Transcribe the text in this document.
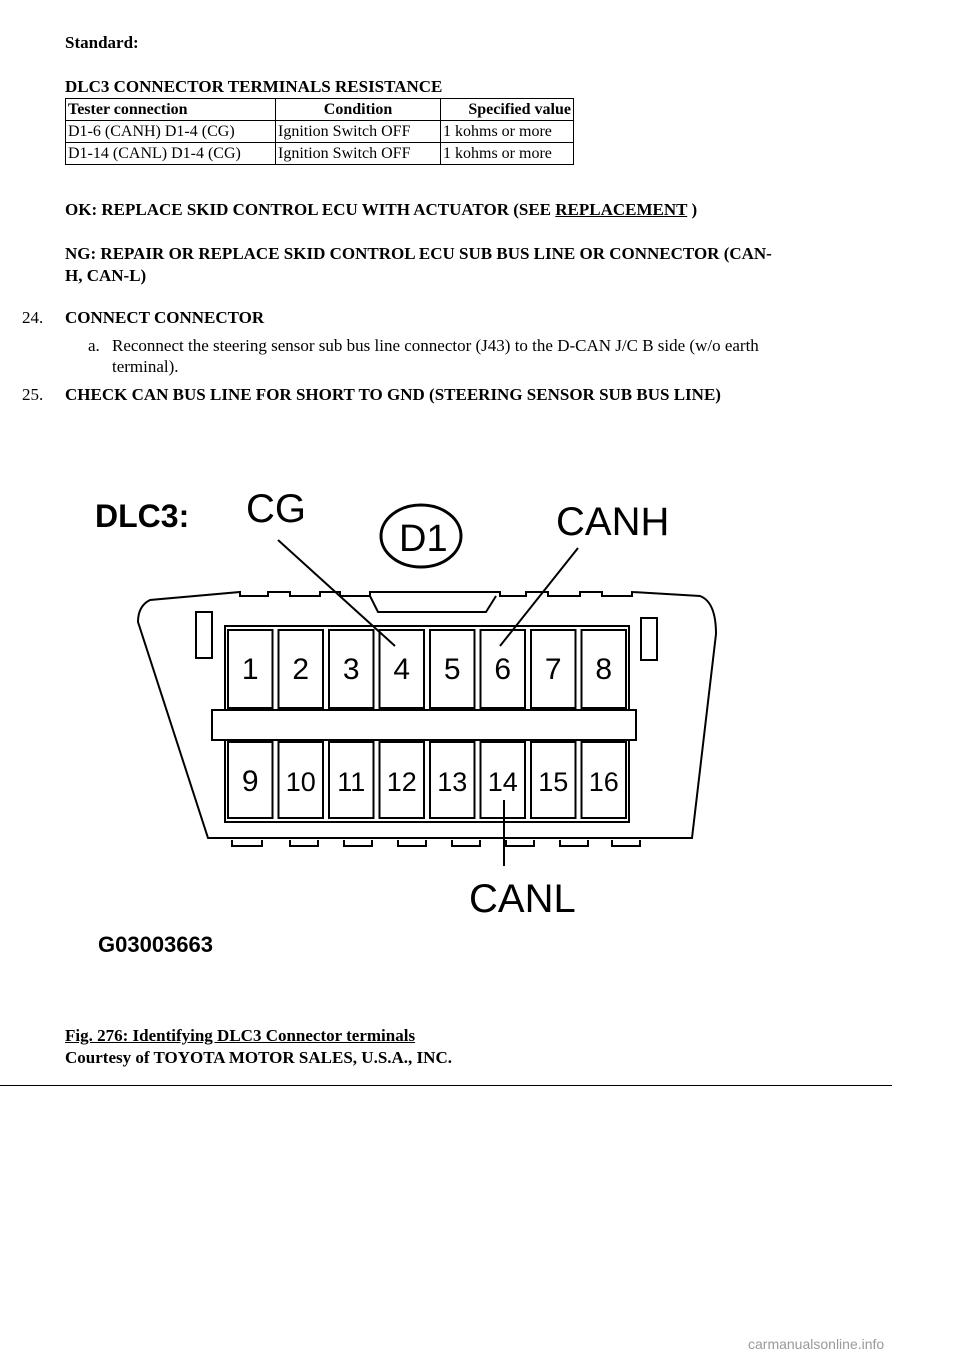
Standard:
DLC3 CONNECTOR TERMINALS RESISTANCE
Tester connection	Condition	Specified value
D1-6 (CANH) D1-4 (CG)	Ignition Switch OFF	1 kohms or more
D1-14 (CANL) D1-4 (CG)	Ignition Switch OFF	1 kohms or more
OK: REPLACE SKID CONTROL ECU WITH ACTUATOR (SEE REPLACEMENT )
NG: REPAIR OR REPLACE SKID CONTROL ECU SUB BUS LINE OR CONNECTOR (CAN-
H, CAN-L)
24. CONNECT CONNECTOR
a. Reconnect the steering sensor sub bus line connector (J43) to the D-CAN J/C B side (w/o earth
terminal).
25. CHECK CAN BUS LINE FOR SHORT TO GND (STEERING SENSOR SUB BUS LINE)
DLC3: CG
D1	CANH
1 2 3 4 5 6 7 8
9 10 11 12 13 14 15 16
CANL
G03003663
Fig. 276: Identifying DLC3 Connector terminals
Courtesy of TOYOTA MOTOR SALES, U.S.A., INC.
carmanualsonline.info
